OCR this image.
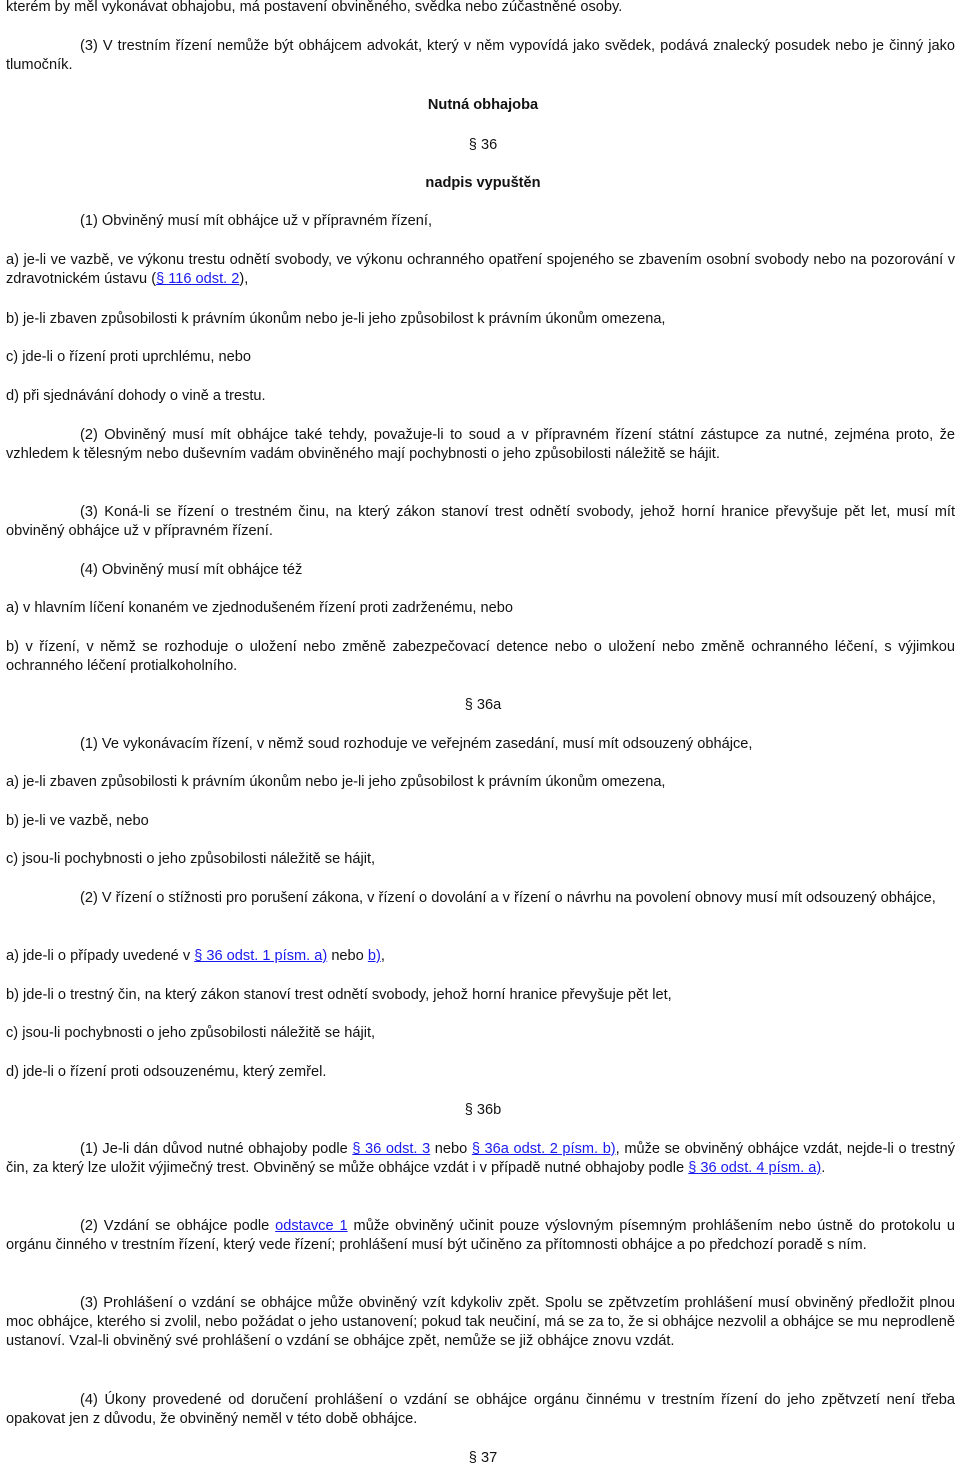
kterém by měl vykonávat obhajobu, má postavení obviněného, svědka nebo zúčastněné osoby.

(3) V trestním řízení nemůže být obhájcem advokát, který v něm vypovídá jako svědek, podává znalecký posudek nebo je činný jako tlumočník.

Nutná obhajoba

§ 36

nadpis vypuštěn

(1) Obviněný musí mít obhájce už v přípravném řízení,

a) je-li ve vazbě, ve výkonu trestu odnětí svobody, ve výkonu ochranného opatření spojeného se zbavením osobní svobody nebo na pozorování v zdravotnickém ústavu (§ 116 odst. 2),

b) je-li zbaven způsobilosti k právním úkonům nebo je-li jeho způsobilost k právním úkonům omezena,

c) jde-li o řízení proti uprchlému, nebo

d) při sjednávání dohody o vině a trestu.

(2) Obviněný musí mít obhájce také tehdy, považuje-li to soud a v přípravném řízení státní zástupce za nutné, zejména proto, že vzhledem k tělesným nebo duševním vadám obviněného mají pochybnosti o jeho způsobilosti náležitě se hájit.

(3) Koná-li se řízení o trestném činu, na který zákon stanoví trest odnětí svobody, jehož horní hranice převyšuje pět let, musí mít obviněný obhájce už v přípravném řízení.

(4) Obviněný musí mít obhájce též

a) v hlavním líčení konaném ve zjednodušeném řízení proti zadrženému, nebo

b) v řízení, v němž se rozhoduje o uložení nebo změně zabezpečovací detence nebo o uložení nebo změně ochranného léčení, s výjimkou ochranného léčení protialkoholního.

§ 36a

(1) Ve vykonávacím řízení, v němž soud rozhoduje ve veřejném zasedání, musí mít odsouzený obhájce,

a) je-li zbaven způsobilosti k právním úkonům nebo je-li jeho způsobilost k právním úkonům omezena,

b) je-li ve vazbě, nebo

c) jsou-li pochybnosti o jeho způsobilosti náležitě se hájit,

(2) V řízení o stížnosti pro porušení zákona, v řízení o dovolání a v řízení o návrhu na povolení obnovy musí mít odsouzený obhájce,

a) jde-li o případy uvedené v § 36 odst. 1 písm. a) nebo b),

b) jde-li o trestný čin, na který zákon stanoví trest odnětí svobody, jehož horní hranice převyšuje pět let,

c) jsou-li pochybnosti o jeho způsobilosti náležitě se hájit,

d) jde-li o řízení proti odsouzenému, který zemřel.

§ 36b

(1) Je-li dán důvod nutné obhajoby podle § 36 odst. 3 nebo § 36a odst. 2 písm. b), může se obviněný obhájce vzdát, nejde-li o trestný čin, za který lze uložit výjimečný trest. Obviněný se může obhájce vzdát i v případě nutné obhajoby podle § 36 odst. 4 písm. a).

(2) Vzdání se obhájce podle odstavce 1 může obviněný učinit pouze výslovným písemným prohlášením nebo ústně do protokolu u orgánu činného v trestním řízení, který vede řízení; prohlášení musí být učiněno za přítomnosti obhájce a po předchozí poradě s ním.

(3) Prohlášení o vzdání se obhájce může obviněný vzít kdykoliv zpět. Spolu se zpětvzetím prohlášení musí obviněný předložit plnou moc obhájce, kterého si zvolil, nebo požádat o jeho ustanovení; pokud tak neučiní, má se za to, že si obhájce nezvolil a obhájce se mu neprodleně ustanoví. Vzal-li obviněný své prohlášení o vzdání se obhájce zpět, nemůže se již obhájce znovu vzdát.

(4) Úkony provedené od doručení prohlášení o vzdání se obhájce orgánu činnému v trestním řízení do jeho zpětvzetí není třeba opakovat jen z důvodu, že obviněný neměl v této době obhájce.

§ 37
